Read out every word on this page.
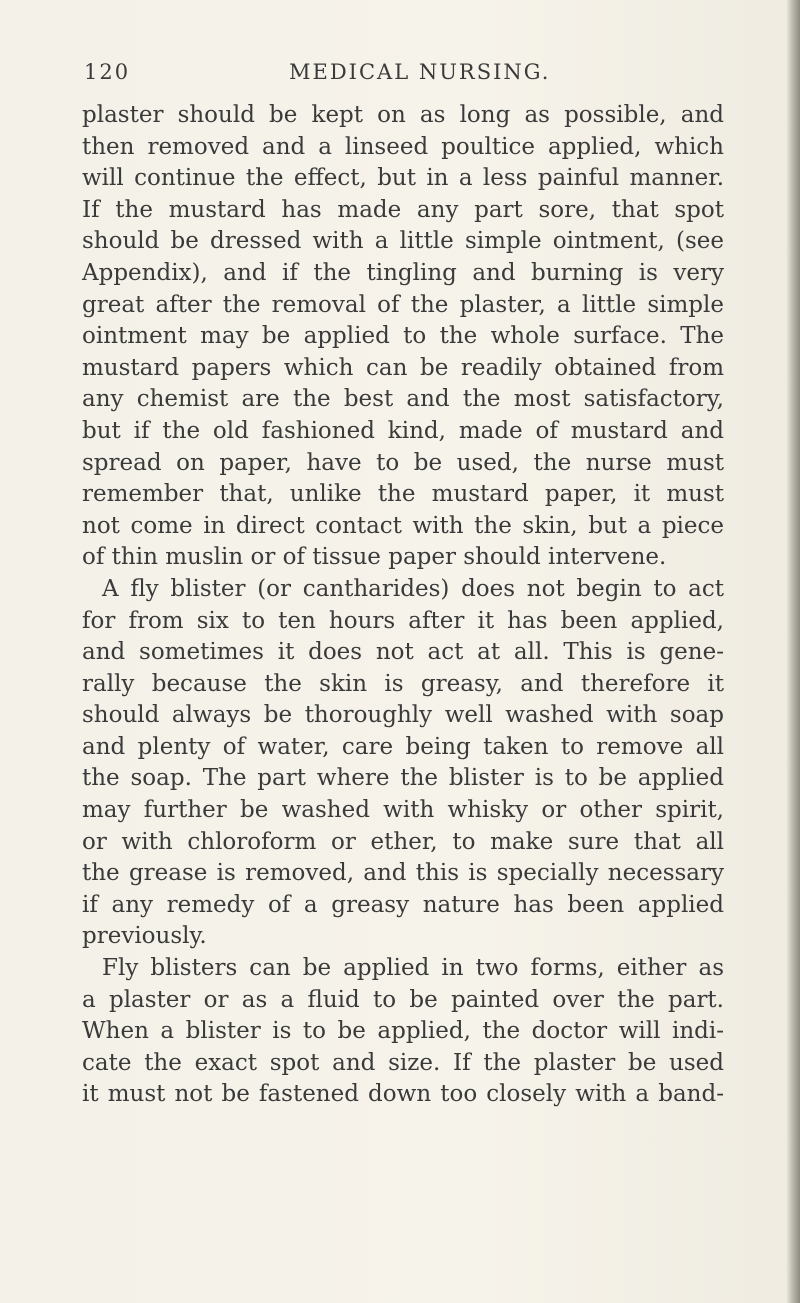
120	MEDICAL NURSING.
plaster should be kept on as long as possible, and
then removed and a linseed poultice applied, which
will continue the effect, but in a less painful manner.
If the mustard has made any part sore, that spot
should be dressed with a little simple ointment, (see
Appendix), and if the tingling and burning is very
great after the removal of the plaster, a little simple
ointment may be applied to the whole surface. The
mustard papers which can be readily obtained from
any chemist are the best and the most satisfactory,
but if the old fashioned kind, made of mustard and
spread on paper, have to be used, the nurse must
remember that, unlike the mustard paper, it must
not come in direct contact with the skin, but a piece
of thin muslin or of tissue paper should intervene.
A fly blister (or cantharides) does not begin to act
for from six to ten hours after it has been applied,
and sometimes it does not act at all. This is gene-
rally because the skin is greasy, and therefore it
should always be thoroughly well washed with soap
and plenty of water, care being taken to remove all
the soap. The part where the blister is to be applied
may further be washed with whisky or other spirit,
or with chloroform or ether, to make sure that all
the grease is removed, and this is specially necessary
if any remedy of a greasy nature has been applied
previously.
Fly blisters can be applied in two forms, either as
a plaster or as a fluid to be painted over the part.
When a blister is to be applied, the doctor will indi-
cate the exact spot and size. If the plaster be used
it must not be fastened down too closely with a band-
